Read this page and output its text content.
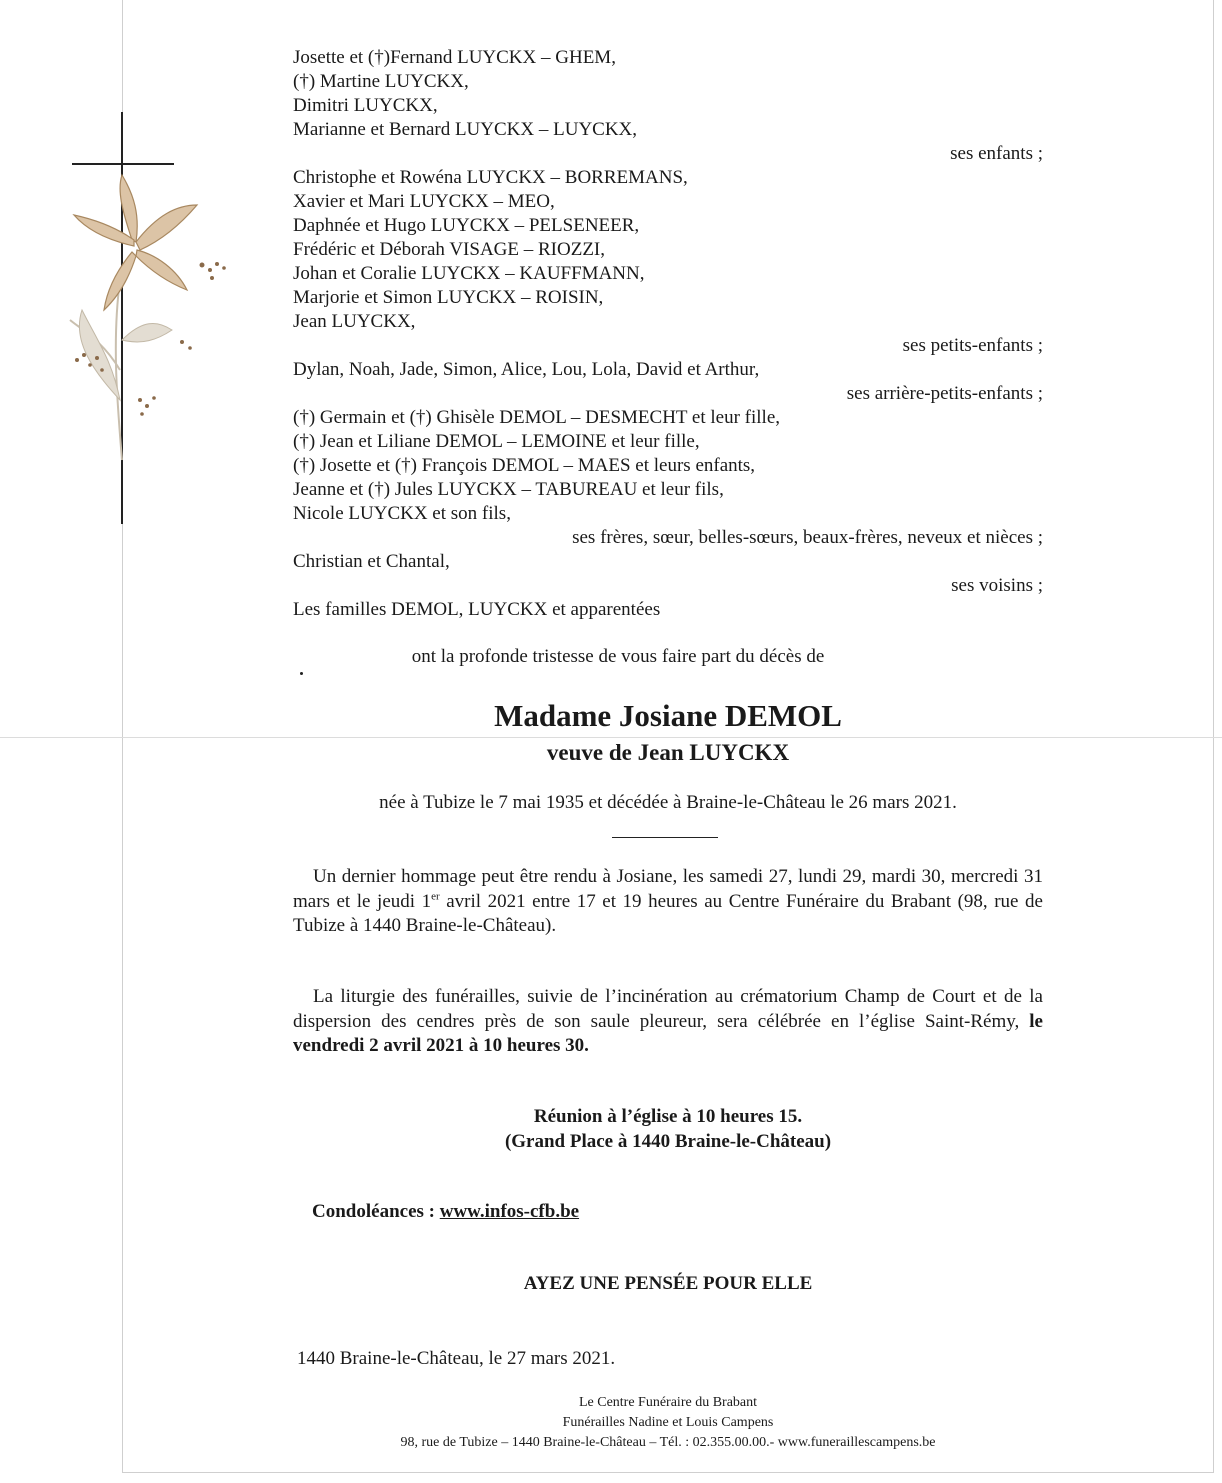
Josette et (†)Fernand LUYCKX – GHEM,
(†) Martine LUYCKX,
Dimitri LUYCKX,
Marianne et Bernard LUYCKX – LUYCKX,
ses enfants ;
Christophe et Rowéna LUYCKX – BORREMANS,
Xavier et Mari LUYCKX – MEO,
Daphnée et Hugo LUYCKX – PELSENEER,
Frédéric et Déborah VISAGE – RIOZZI,
Johan et Coralie LUYCKX – KAUFFMANN,
Marjorie et Simon LUYCKX – ROISIN,
Jean LUYCKX,
ses petits-enfants ;
Dylan, Noah, Jade, Simon, Alice, Lou, Lola, David et Arthur,
ses arrière-petits-enfants ;
(†) Germain et (†) Ghisèle DEMOL – DESMECHT et leur fille,
(†) Jean et Liliane DEMOL – LEMOINE et leur fille,
(†) Josette et (†) François DEMOL – MAES et leurs enfants,
Jeanne et (†) Jules LUYCKX – TABUREAU et leur fils,
Nicole LUYCKX et son fils,
ses frères, sœur, belles-sœurs, beaux-frères, neveux et nièces ;
Christian et Chantal,
ses voisins ;
Les familles DEMOL, LUYCKX et apparentées
ont la profonde tristesse de vous faire part du décès de
Madame Josiane DEMOL
veuve de Jean LUYCKX
née à Tubize le 7 mai 1935 et décédée à Braine-le-Château le 26 mars 2021.
Un dernier hommage peut être rendu à Josiane, les samedi 27, lundi 29, mardi 30, mercredi 31 mars et le jeudi 1er avril 2021 entre 17 et 19 heures au Centre Funéraire du Brabant (98, rue de Tubize à 1440 Braine-le-Château).
La liturgie des funérailles, suivie de l’incinération au crématorium Champ de Court et de la dispersion des cendres près de son saule pleureur, sera célébrée en l’église Saint-Rémy, le vendredi 2 avril 2021 à 10 heures 30.
Réunion à l’église à 10 heures 15.
(Grand Place à 1440 Braine-le-Château)
Condoléances : www.infos-cfb.be
AYEZ UNE PENSÉE POUR ELLE
1440 Braine-le-Château, le 27 mars 2021.
Le Centre Funéraire du Brabant
Funérailles Nadine et Louis Campens
98, rue de Tubize – 1440 Braine-le-Château – Tél. : 02.355.00.00.- www.funeraillescampens.be
